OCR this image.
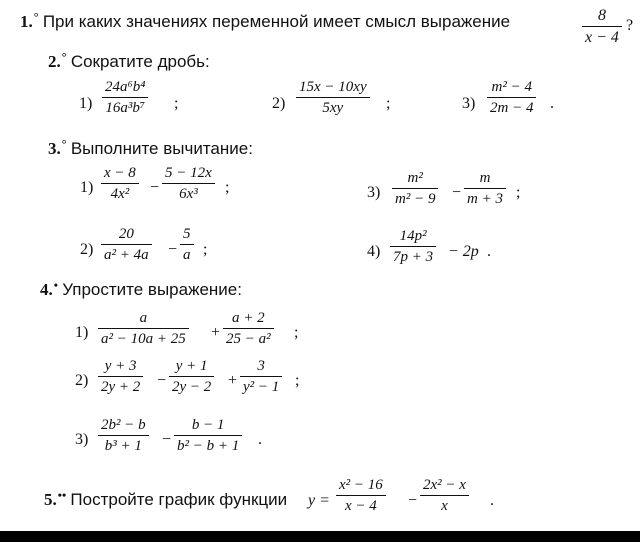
1.° При каких значениях переменной имеет смысл выражение	$\frac{8}{x - 4}$ ?
2.° Сократите дробь:
$1) \frac{\text{24a⁶b⁴}}{\text{16a³b⁷}}$ ;	$2) \frac{15x - 10xy}{5xy}$ ;	$3) \frac{\text{m² − 4}}{2m - 4}$ .
3.° Выполните вычитание:
$1) \frac{x - 8}{\text{4x²}} - \frac{5 - 12x}{\text{6x³}}$ ;	$3) \frac{\text{m²}}{\text{m² − 9}} - \frac{m}{m + 3}$ ;
$2) \frac{20}{\text{a² + 4a}} - \frac{5}{a}$ ;	$4) \frac{\text{14p²}}{7p + 3} - 2p$ .
4.• Упростите выражение:
$1) \frac{a}{\text{a² − 10a + 25}} + \frac{a + 2}{\text{25 − a²}}$ ;
$2) \frac{y + 3}{2y + 2} - \frac{y + 1}{2y - 2} + \frac{3}{\text{y² − 1}}$ ;
$3) \frac{\text{2b² − b}}{\text{b³ + 1}} - \frac{b - 1}{\text{b² − b + 1}}$ .
5.•• Постройте график функции $y = \frac{\text{x² − 16}}{x - 4} - \frac{\text{2x² − x}}{x}$ .
